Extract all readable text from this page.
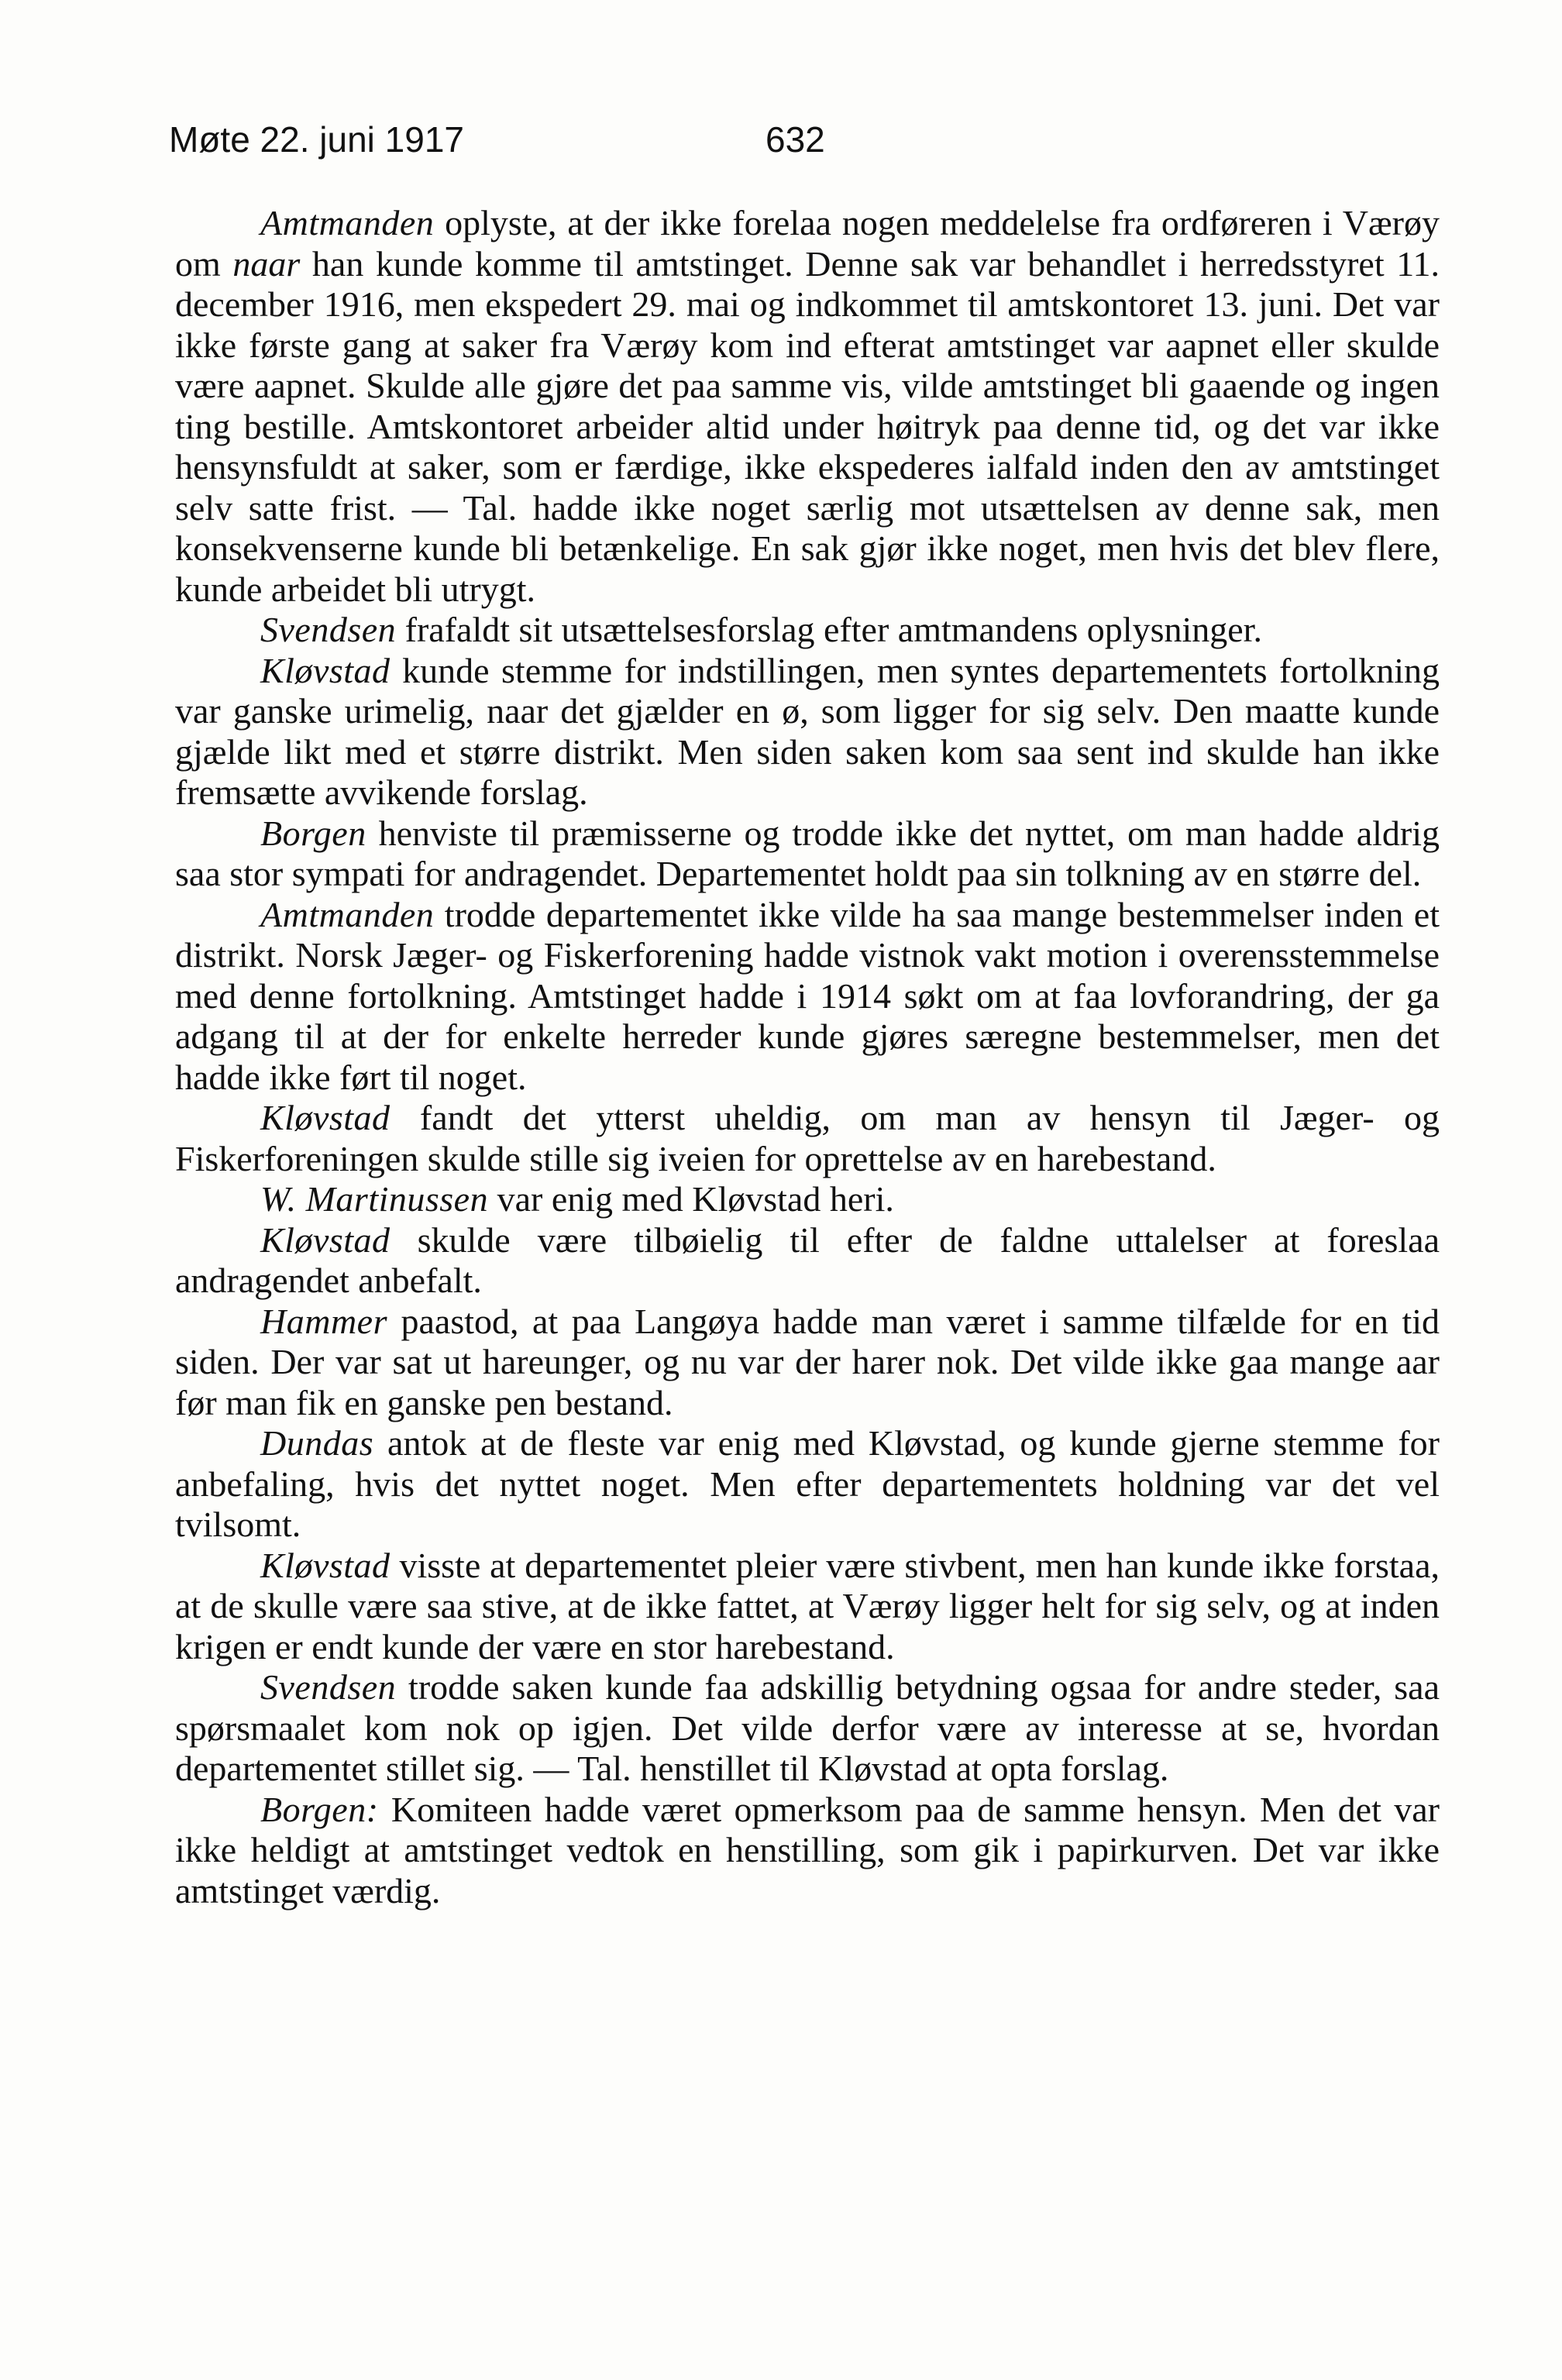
Møte 22. juni 1917	632

Amtmanden oplyste, at der ikke forelaa nogen meddelelse fra ordføreren i Værøy om naar han kunde komme til amtstinget. Denne sak var behandlet i herredsstyret 11. december 1916, men ekspedert 29. mai og indkommet til amtskontoret 13. juni. Det var ikke første gang at saker fra Værøy kom ind efterat amtstinget var aapnet eller skulde være aapnet. Skulde alle gjøre det paa samme vis, vilde amtstinget bli gaaende og ingen ting bestille. Amtskontoret arbeider altid under høitryk paa denne tid, og det var ikke hensynsfuldt at saker, som er færdige, ikke ekspederes ialfald inden den av amtstinget selv satte frist. — Tal. hadde ikke noget særlig mot utsættelsen av denne sak, men konsekvenserne kunde bli betænkelige. En sak gjør ikke noget, men hvis det blev flere, kunde arbeidet bli utrygt.

Svendsen frafaldt sit utsættelsesforslag efter amtmandens oplysninger.

Kløvstad kunde stemme for indstillingen, men syntes departementets fortolkning var ganske urimelig, naar det gjælder en ø, som ligger for sig selv. Den maatte kunde gjælde likt med et større distrikt. Men siden saken kom saa sent ind skulde han ikke fremsætte avvikende forslag.

Borgen henviste til præmisserne og trodde ikke det nyttet, om man hadde aldrig saa stor sympati for andragendet. Departementet holdt paa sin tolkning av en større del.

Amtmanden trodde departementet ikke vilde ha saa mange bestemmelser inden et distrikt. Norsk Jæger- og Fiskerforening hadde vistnok vakt motion i overensstemmelse med denne fortolkning. Amtstinget hadde i 1914 søkt om at faa lovforandring, der ga adgang til at der for enkelte herreder kunde gjøres særegne bestemmelser, men det hadde ikke ført til noget.

Kløvstad fandt det ytterst uheldig, om man av hensyn til Jæger- og Fiskerforeningen skulde stille sig iveien for oprettelse av en harebestand.

W. Martinussen var enig med Kløvstad heri.

Kløvstad skulde være tilbøielig til efter de faldne uttalelser at foreslaa andragendet anbefalt.

Hammer paastod, at paa Langøya hadde man været i samme tilfælde for en tid siden. Der var sat ut hareunger, og nu var der harer nok. Det vilde ikke gaa mange aar før man fik en ganske pen bestand.

Dundas antok at de fleste var enig med Kløvstad, og kunde gjerne stemme for anbefaling, hvis det nyttet noget. Men efter departementets holdning var det vel tvilsomt.

Kløvstad visste at departementet pleier være stivbent, men han kunde ikke forstaa, at de skulle være saa stive, at de ikke fattet, at Værøy ligger helt for sig selv, og at inden krigen er endt kunde der være en stor harebestand.

Svendsen trodde saken kunde faa adskillig betydning ogsaa for andre steder, saa spørsmaalet kom nok op igjen. Det vilde derfor være av interesse at se, hvordan departementet stillet sig. — Tal. henstillet til Kløvstad at opta forslag.

Borgen: Komiteen hadde været opmerksom paa de samme hensyn. Men det var ikke heldigt at amtstinget vedtok en henstilling, som gik i papirkurven. Det var ikke amtstinget værdig.
